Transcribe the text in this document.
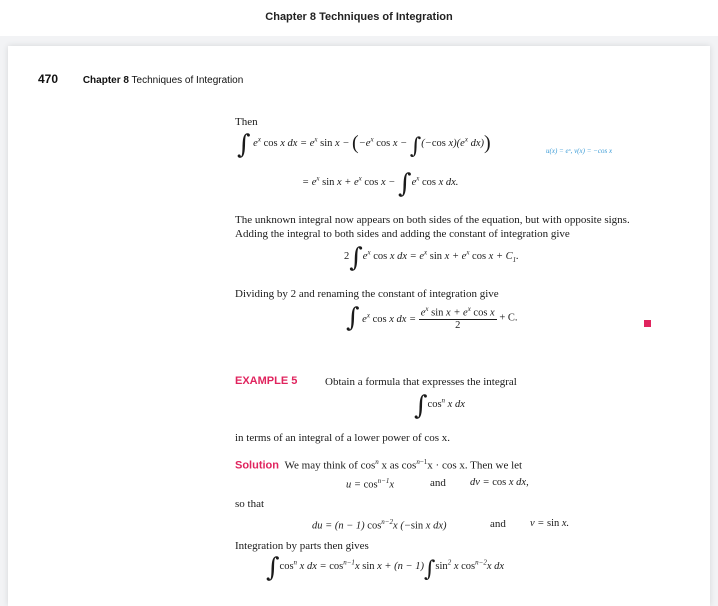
Chapter 8 Techniques of Integration
470 Chapter 8 Techniques of Integration
Then
∫ $e^x$ cos x dx = $e^x$ $\sin x - (-e^x$ cos x − ∫(−cos $x)(e^x$ dx))	u(x) = eˣ, v(x) = −cos x
= $e^x$ $\sin x + e^x$ $\cos x - \int e^x$ cos x dx.
The unknown integral now appears on both sides of the equation, but with opposite signs.
Adding the integral to both sides and adding the constant of integration give
$2\int e^x$ cos x dx = $e^x$ $\sin x + e^x$ $\cos x + C_1$.
Dividing by 2 and renaming the constant of integration give
∫ $e^x$ cos x dx = $\frac{e^x \sin x + e^x \cos x}{2} + C$.
EXAMPLE 5	Obtain a formula that expresses the integral
$\int\cos^n$ x dx
in terms of an integral of a lower power of cos x.
Solution We may think of $\cos^n x$ as $\cos^{n-1}x \cdot \cos x$. Then we let
$u = \cos^{n-1}x$	and dv = cos x dx,
so that
du = (n − 1) $\cos^{n-2}x$ (−sin x dx)	and v = sin x.
Integration by parts then gives
$\int\cos^n$ x dx = $\cos^{n-1}x$ $\sin x + (n - 1)\int\sin^2$ x $\cos^{n-2}x$ dx
